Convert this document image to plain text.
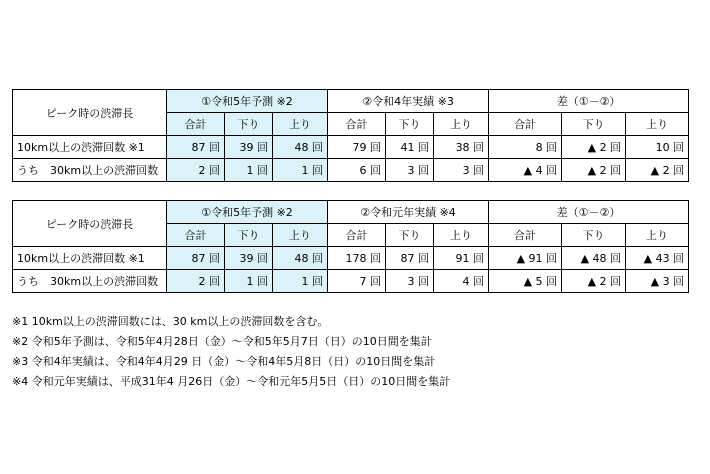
ピーク時の渋滞長	①令和5年予測 ※2			②令和4年実績 ※3			差（①－②）		
	合計	下り	上り	合計	下り	上り	合計	下り	上り
10km以上の渋滞回数 ※1	87 回	39 回	48 回	79 回	41 回	38 回	8 回	▲ 2 回	10 回
うち　30km以上の渋滞回数	2 回	1 回	1 回	6 回	3 回	3 回	▲ 4 回	▲ 2 回	▲ 2 回
ピーク時の渋滞長	①令和5年予測 ※2			②令和元年実績 ※4			差（①－②）		
	合計	下り	上り	合計	下り	上り	合計	下り	上り
10km以上の渋滞回数 ※1	87 回	39 回	48 回	178 回	87 回	91 回	▲ 91 回	▲ 48 回	▲ 43 回
うち　30km以上の渋滞回数	2 回	1 回	1 回	7 回	3 回	4 回	▲ 5 回	▲ 2 回	▲ 3 回
※1 10km以上の渋滞回数には、30 km以上の渋滞回数を含む。
※2 令和5年予測は、令和5年4月28日（金）～令和5年5月7日（日）の10日間を集計
※3 令和4年実績は、令和4年4月29 日（金）～令和4年5月8日（日）の10日間を集計
※4 令和元年実績は、平成31年4 月26日（金）～令和元年5月5日（日）の10日間を集計
